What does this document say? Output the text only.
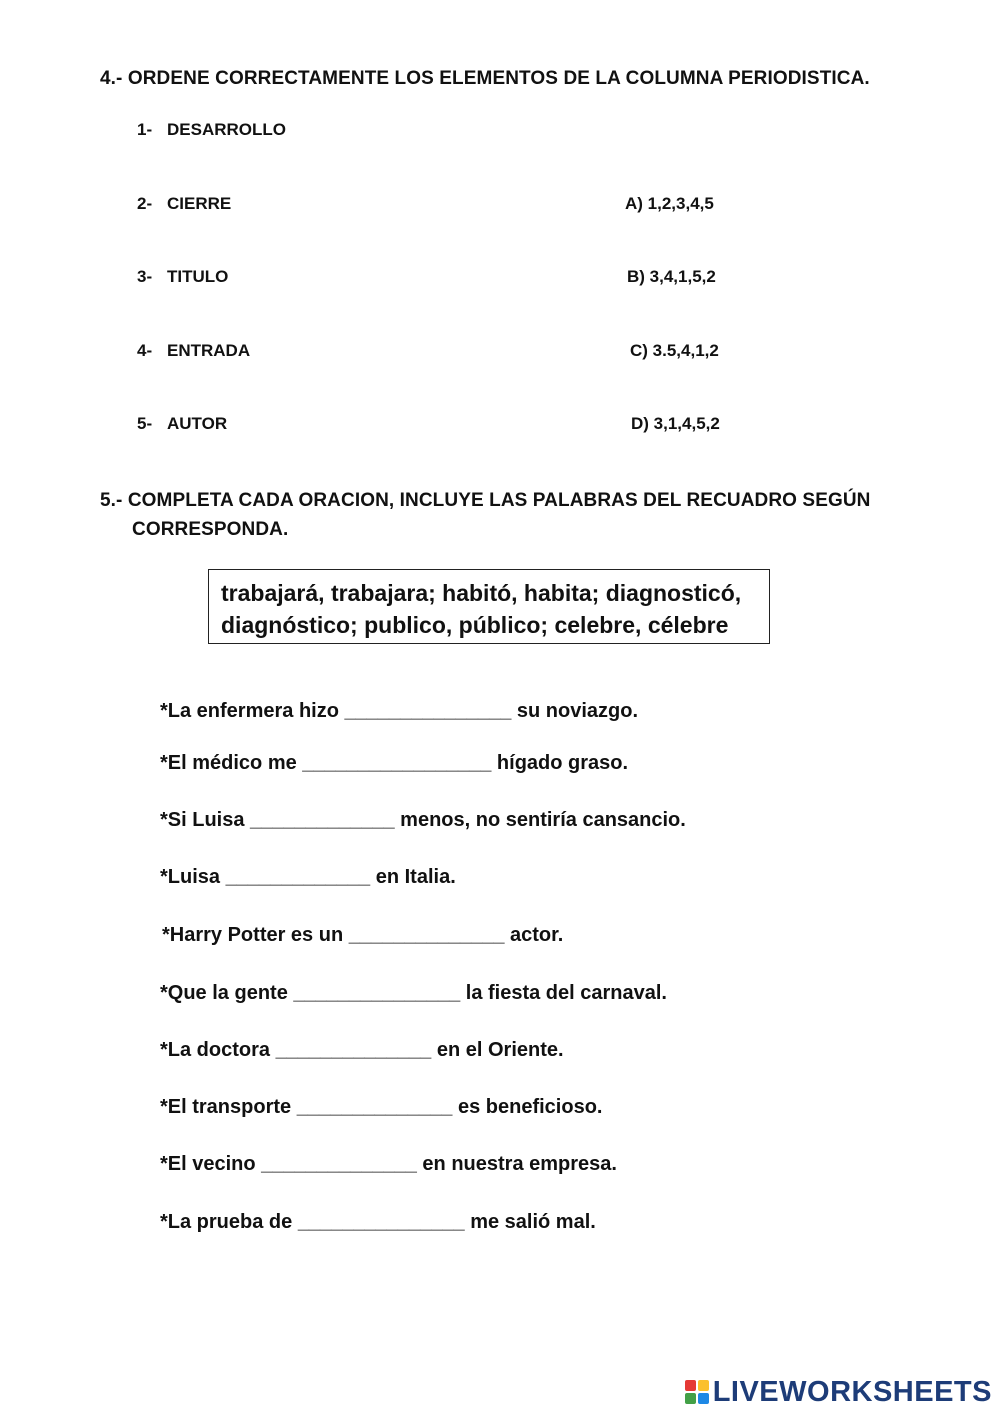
4.- ORDENE CORRECTAMENTE LOS ELEMENTOS DE LA COLUMNA PERIODISTICA.
1- DESARROLLO
2- CIERRE
3- TITULO
4- ENTRADA
5- AUTOR
A) 1,2,3,4,5
B) 3,4,1,5,2
C) 3.5,4,1,2
D) 3,1,4,5,2
5.- COMPLETA CADA ORACION, INCLUYE LAS PALABRAS DEL RECUADRO SEGÚN
CORRESPONDA.
trabajará, trabajara; habitó, habita; diagnosticó,
diagnóstico; publico, público; celebre, célebre
*La enfermera hizo _______________ su noviazgo.
*El médico me _________________ hígado graso.
*Si Luisa _____________ menos, no sentiría cansancio.
*Luisa _____________ en Italia.
*Harry Potter es un ______________ actor.
*Que la gente _______________ la fiesta del carnaval.
*La doctora ______________ en el Oriente.
*El transporte ______________ es beneficioso.
*El vecino ______________ en nuestra empresa.
*La prueba de _______________ me salió mal.
LIVEWORKSHEETS
